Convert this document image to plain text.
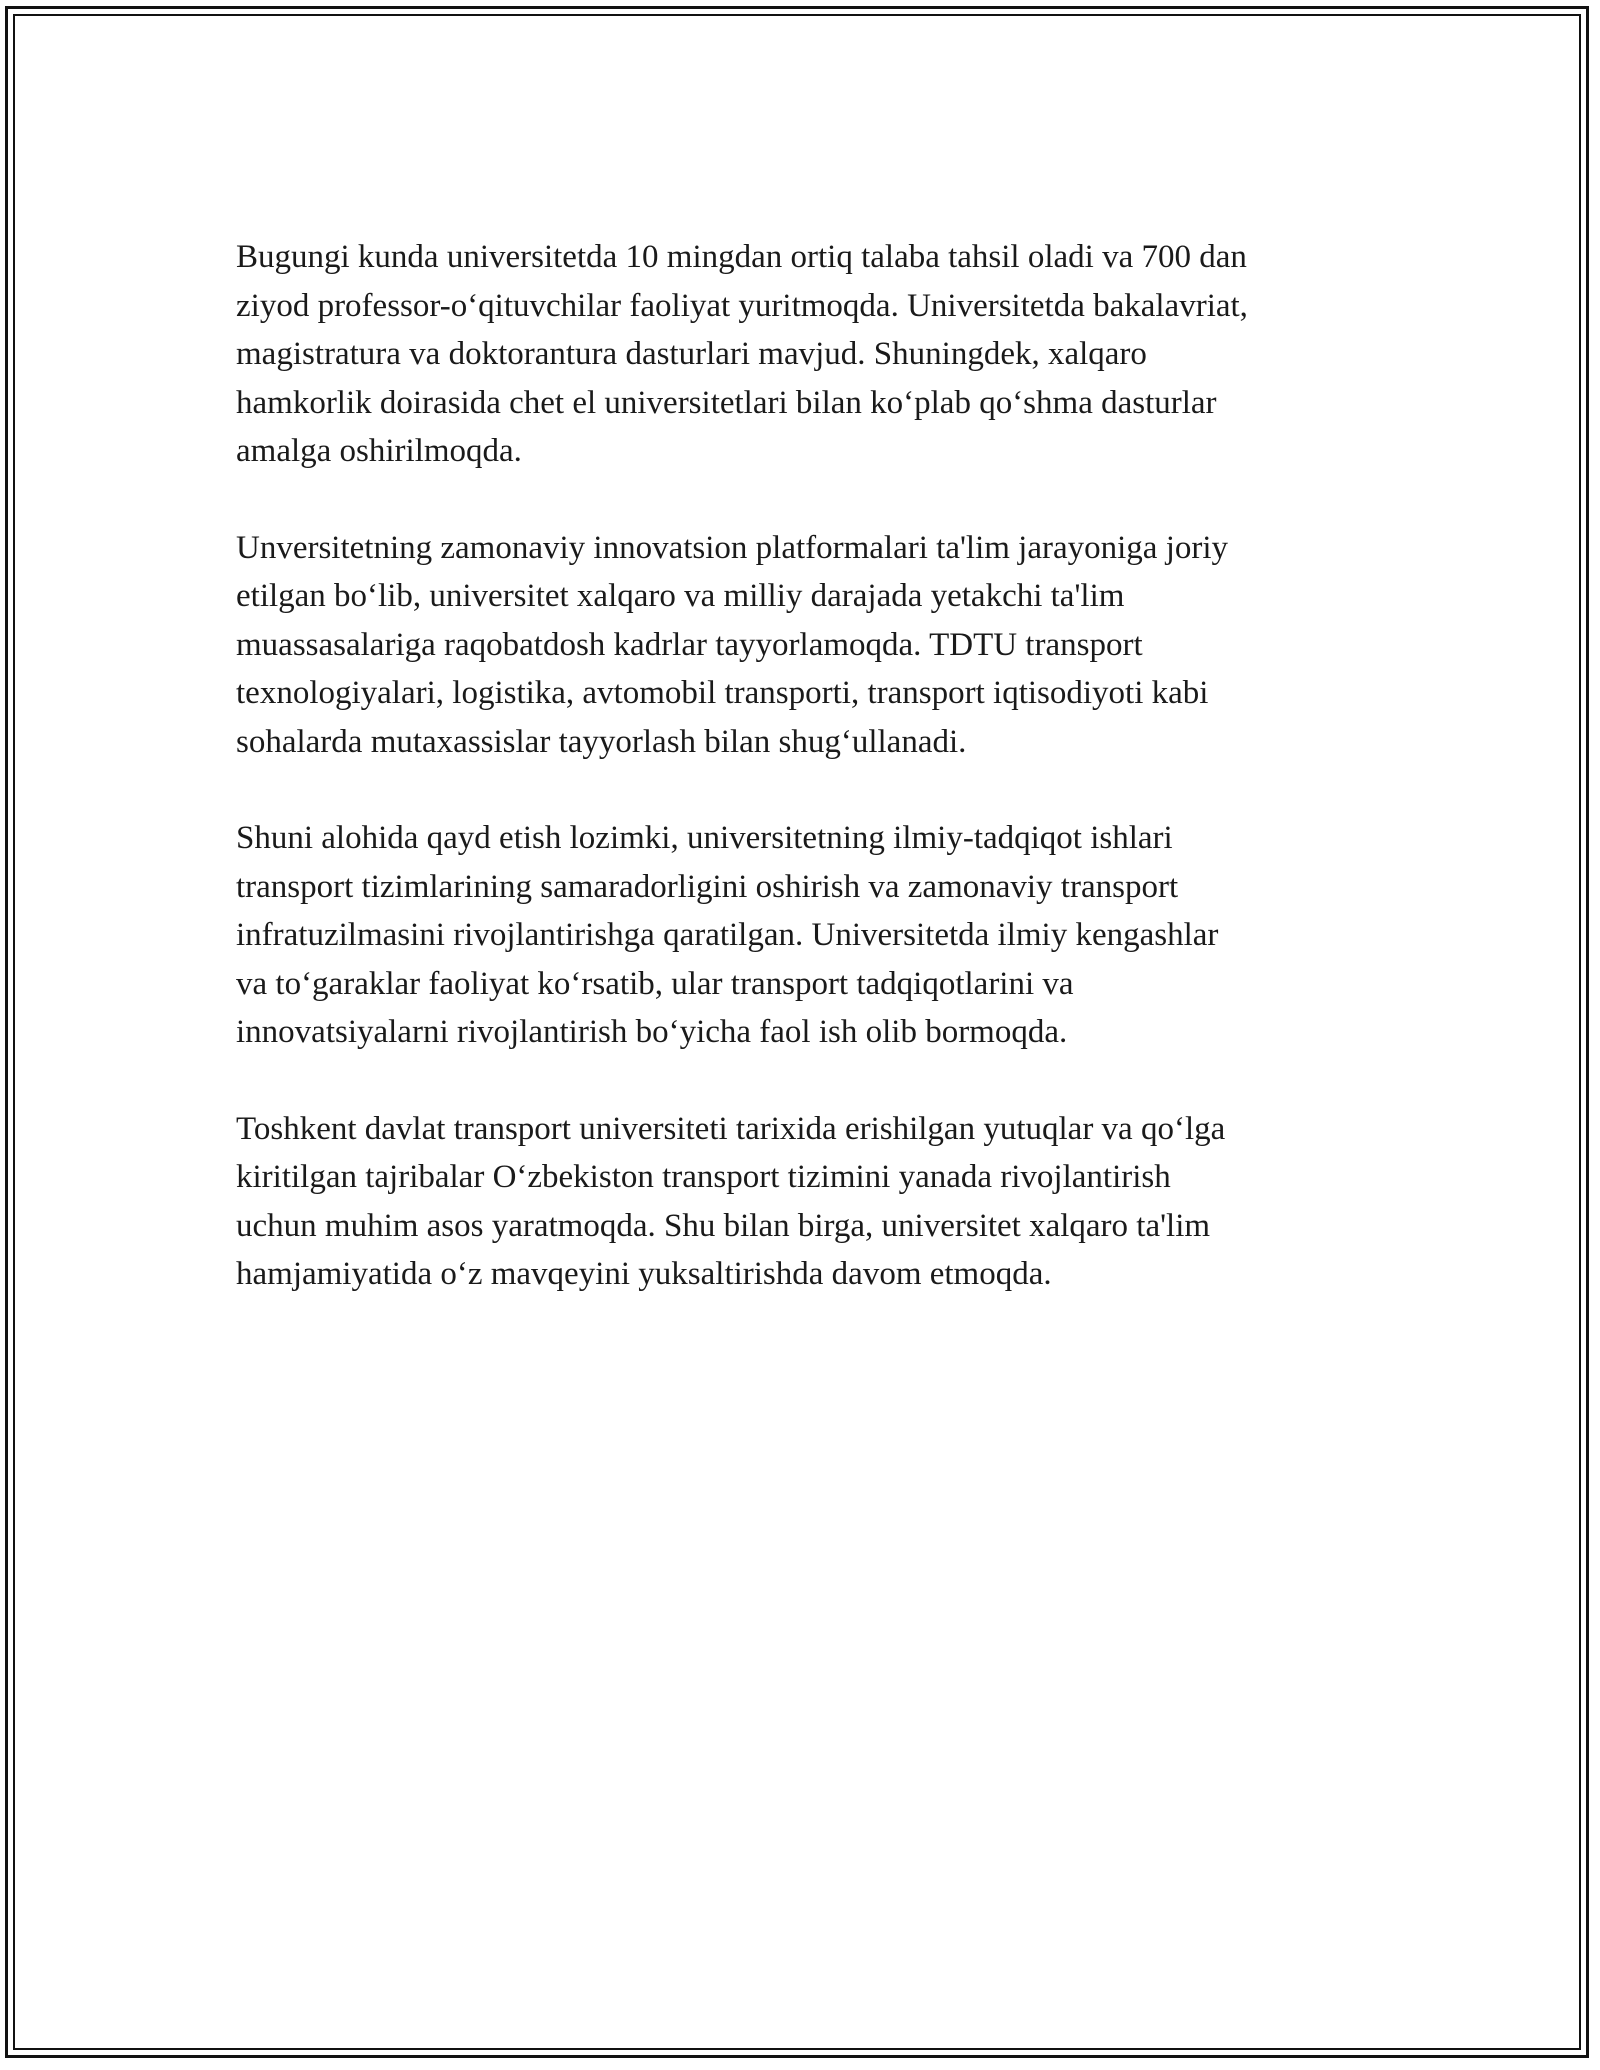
Bugungi kunda universitetda 10 mingdan ortiq talaba tahsil oladi va 700 dan
ziyod professor-o‘qituvchilar faoliyat yuritmoqda. Universitetda bakalavriat,
magistratura va doktorantura dasturlari mavjud. Shuningdek, xalqaro
hamkorlik doirasida chet el universitetlari bilan ko‘plab qo‘shma dasturlar
amalga oshirilmoqda.

Unversitetning zamonaviy innovatsion platformalari ta'lim jarayoniga joriy
etilgan bo‘lib, universitet xalqaro va milliy darajada yetakchi ta'lim
muassasalariga raqobatdosh kadrlar tayyorlamoqda. TDTU transport
texnologiyalari, logistika, avtomobil transporti, transport iqtisodiyoti kabi
sohalarda mutaxassislar tayyorlash bilan shug‘ullanadi.

Shuni alohida qayd etish lozimki, universitetning ilmiy-tadqiqot ishlari
transport tizimlarining samaradorligini oshirish va zamonaviy transport
infratuzilmasini rivojlantirishga qaratilgan. Universitetda ilmiy kengashlar
va to‘garaklar faoliyat ko‘rsatib, ular transport tadqiqotlarini va
innovatsiyalarni rivojlantirish bo‘yicha faol ish olib bormoqda.

Toshkent davlat transport universiteti tarixida erishilgan yutuqlar va qo‘lga
kiritilgan tajribalar O‘zbekiston transport tizimini yanada rivojlantirish
uchun muhim asos yaratmoqda. Shu bilan birga, universitet xalqaro ta'lim
hamjamiyatida o‘z mavqeyini yuksaltirishda davom etmoqda.
